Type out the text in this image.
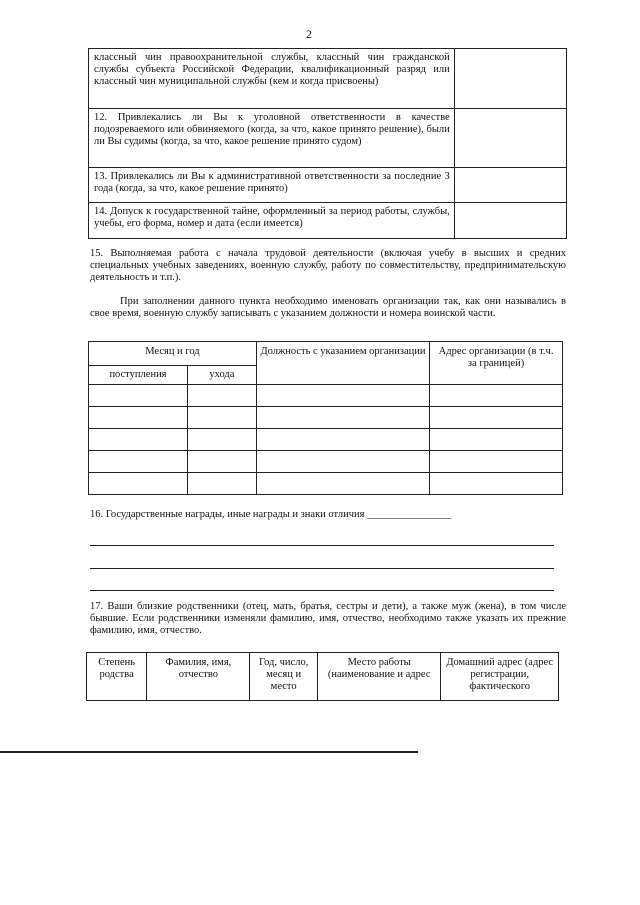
2
классный чин правоохранительной службы, классный чин гражданской службы субъекта Российской Федерации, квалификационный разряд или классный чин муниципальной службы (кем и когда присвоены)	
12. Привлекались ли Вы к уголовной ответственности в качестве подозреваемого или обвиняемого (когда, за что, какое принято решение), были ли Вы судимы (когда, за что, какое решение принято судом)	
13. Привлекались ли Вы к административной ответственности за последние 3 года (когда, за что, какое решение принято)	
14. Допуск к государственной тайне, оформленный за период работы, службы, учебы, его форма, номер и дата (если имеется)	
15. Выполняемая работа с начала трудовой деятельности (включая учебу в высших и средних специальных учебных заведениях, военную службу, работу по совместительству, предпринимательскую деятельность и т.п.).
При заполнении данного пункта необходимо именовать организации так, как они назывались в свое время, военную службу записывать с указанием должности и номера воинской части.
Месяц и год		Должность с указанием организации	Адрес организации (в т.ч. за границей)
поступления	ухода		

16. Государственные награды, иные награды и знаки отличия ________________
17. Ваши близкие родственники (отец, мать, братья, сестры и дети), а также муж (жена), в том числе бывшие. Если родственники изменяли фамилию, имя, отчество, необходимо также указать их прежние фамилию, имя, отчество.
Степень родства	Фамилия, имя, отчество	Год, число, месяц и место	Место работы (наименование и адрес	Домашний адрес (адрес регистрации, фактического
